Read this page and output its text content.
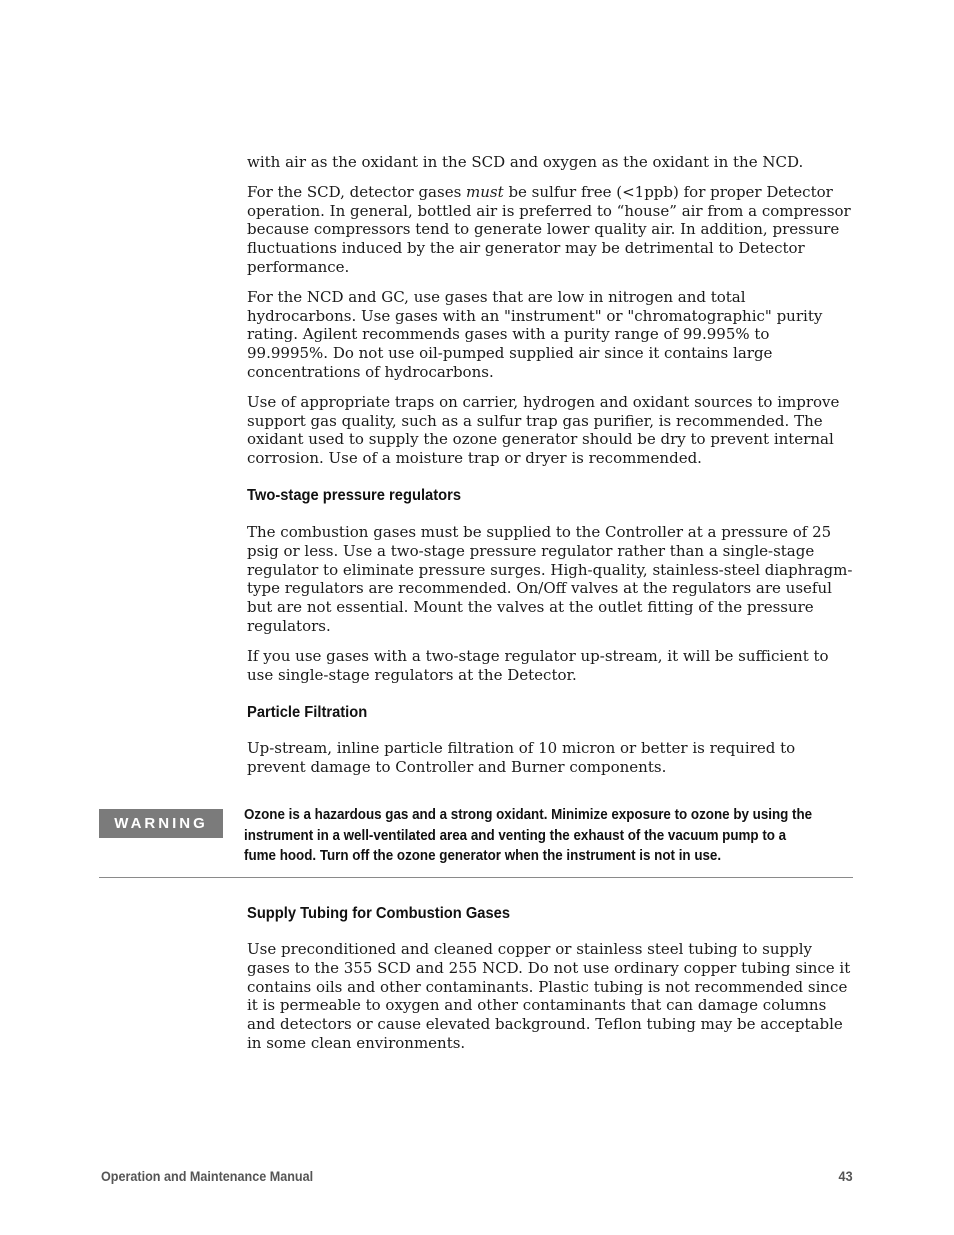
with air as the oxidant in the SCD and oxygen as the oxidant in the NCD.

For the SCD, detector gases must be sulfur free (<1ppb) for proper Detector operation. In general, bottled air is preferred to “house” air from a compressor because compressors tend to generate lower quality air. In addition, pressure fluctuations induced by the air generator may be detrimental to Detector performance.

For the NCD and GC, use gases that are low in nitrogen and total hydrocarbons. Use gases with an "instrument" or "chromatographic" purity rating. Agilent recommends gases with a purity range of 99.995% to 99.9995%. Do not use oil-pumped supplied air since it contains large concentrations of hydrocarbons.

Use of appropriate traps on carrier, hydrogen and oxidant sources to improve support gas quality, such as a sulfur trap gas purifier, is recommended. The oxidant used to supply the ozone generator should be dry to prevent internal corrosion. Use of a moisture trap or dryer is recommended.

Two-stage pressure regulators

The combustion gases must be supplied to the Controller at a pressure of 25 psig or less. Use a two-stage pressure regulator rather than a single-stage regulator to eliminate pressure surges. High-quality, stainless-steel diaphragm-type regulators are recommended. On/Off valves at the regulators are useful but are not essential. Mount the valves at the outlet fitting of the pressure regulators.

If you use gases with a two-stage regulator up-stream, it will be sufficient to use single-stage regulators at the Detector.

Particle Filtration

Up-stream, inline particle filtration of 10 micron or better is required to prevent damage to Controller and Burner components.

WARNING	Ozone is a hazardous gas and a strong oxidant. Minimize exposure to ozone by using the instrument in a well-ventilated area and venting the exhaust of the vacuum pump to a fume hood. Turn off the ozone generator when the instrument is not in use.
Supply Tubing for Combustion Gases

Use preconditioned and cleaned copper or stainless steel tubing to supply gases to the 355 SCD and 255 NCD. Do not use ordinary copper tubing since it contains oils and other contaminants. Plastic tubing is not recommended since it is permeable to oxygen and other contaminants that can damage columns and detectors or cause elevated background. Teflon tubing may be acceptable in some clean environments.

Operation and Maintenance Manual	43
